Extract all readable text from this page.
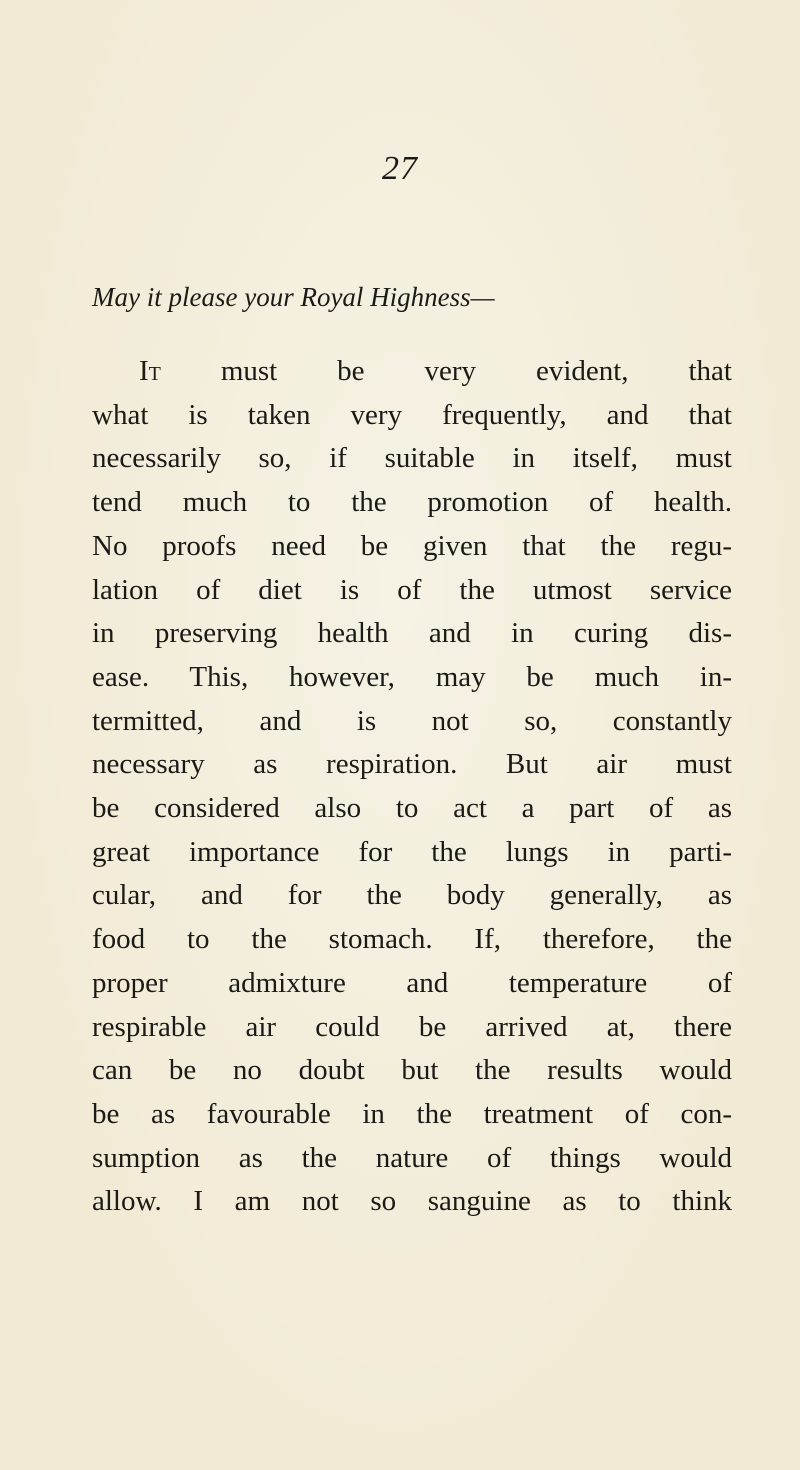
27
May it please your Royal Highness—
It must be very evident, that
what is taken very frequently, and that
necessarily so, if suitable in itself, must
tend much to the promotion of health.
No proofs need be given that the regu-
lation of diet is of the utmost service
in preserving health and in curing dis-
ease. This, however, may be much in-
termitted, and is not so, constantly
necessary as respiration. But air must
be considered also to act a part of as
great importance for the lungs in parti-
cular, and for the body generally, as
food to the stomach. If, therefore, the
proper admixture and temperature of
respirable air could be arrived at, there
can be no doubt but the results would
be as favourable in the treatment of con-
sumption as the nature of things would
allow. I am not so sanguine as to think
